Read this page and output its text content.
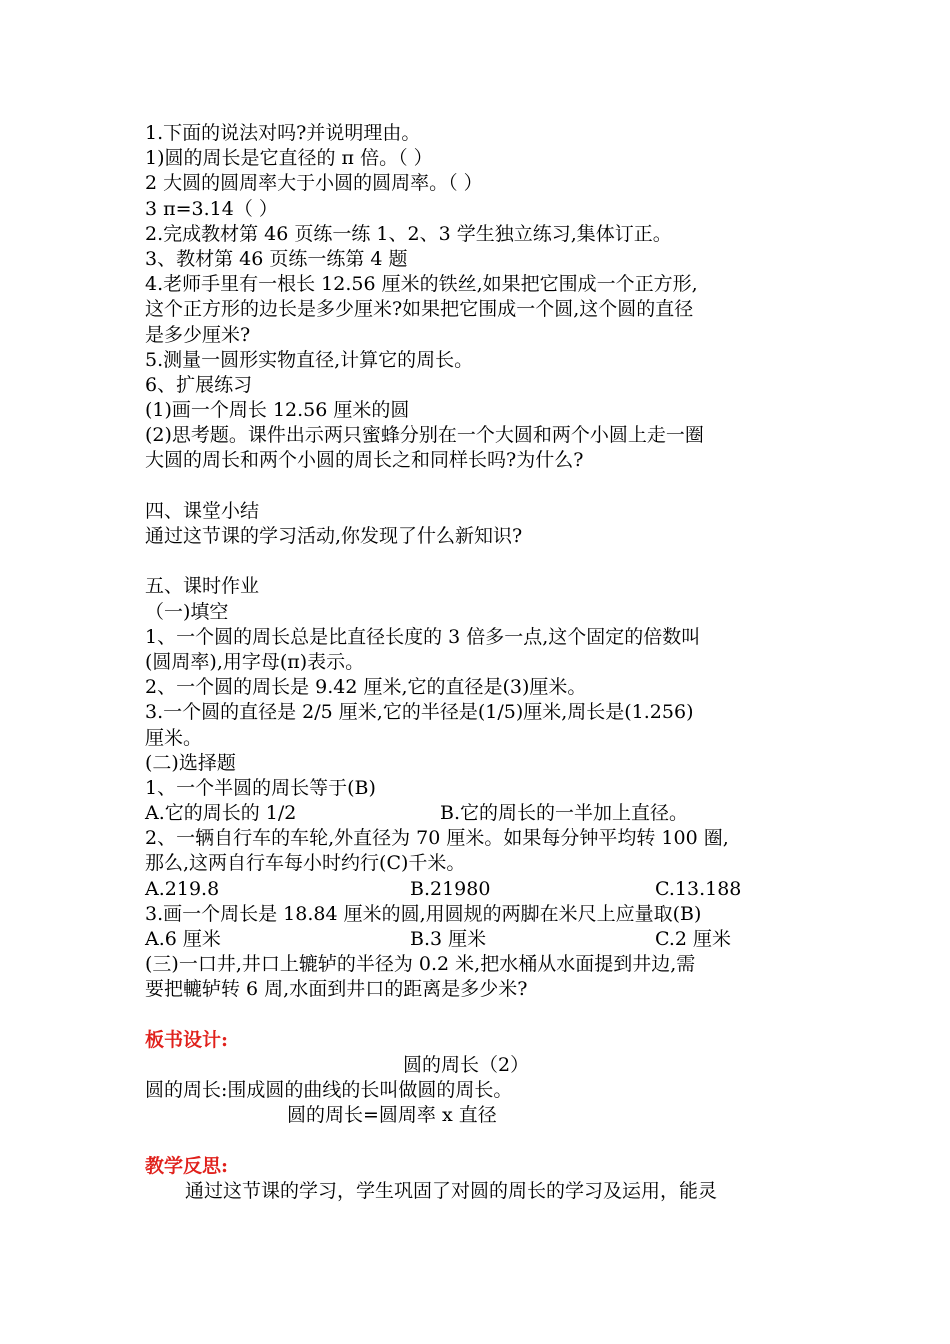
1.下面的说法对吗?并说明理由。
1)圆的周长是它直径的 π 倍。（ ）
2 大圆的圆周率大于小圆的圆周率。（ ）
3 π=3.14（ ）
2.完成教材第 46 页练一练 1、2、3 学生独立练习,集体订正。
3、教材第 46 页练一练第 4 题
4.老师手里有一根长 12.56 厘米的铁丝,如果把它围成一个正方形,
这个正方形的边长是多少厘米?如果把它围成一个圆,这个圆的直径
是多少厘米?
5.测量一圆形实物直径,计算它的周长。
6、扩展练习
(1)画一个周长 12.56 厘米的圆
(2)思考题。课件出示两只蜜蜂分别在一个大圆和两个小圆上走一圈
大圆的周长和两个小圆的周长之和同样长吗?为什么?
四、课堂小结
通过这节课的学习活动,你发现了什么新知识?
五、课时作业
（一)填空
1、一个圆的周长总是比直径长度的 3 倍多一点,这个固定的倍数叫
(圆周率),用字母(π)表示。
2、一个圆的周长是 9.42 厘米,它的直径是(3)厘米。
3.一个圆的直径是 2/5 厘米,它的半径是(1/5)厘米,周长是(1.256)
厘米。
(二)选择题
1、一个半圆的周长等于(B)
A.它的周长的 1/2	B.它的周长的一半加上直径。
2、一辆自行车的车轮,外直径为 70 厘米。如果每分钟平均转 100 圈,
那么,这两自行车每小时约行(C)千米。
A.219.8	B.21980	C.13.188
3.画一个周长是 18.84 厘米的圆,用圆规的两脚在米尺上应量取(B)
A.6 厘米	B.3 厘米	C.2 厘米
(三)一口井,井口上辘轳的半径为 0.2 米,把水桶从水面提到井边,需
要把轆轳转 6 周,水面到井口的距离是多少米?
板书设计:
圆的周长（2）
圆的周长:围成圆的曲线的长叫做圆的周长。
圆的周长=圆周率 x 直径
教学反思:
通过这节课的学习，学生巩固了对圆的周长的学习及运用，能灵
